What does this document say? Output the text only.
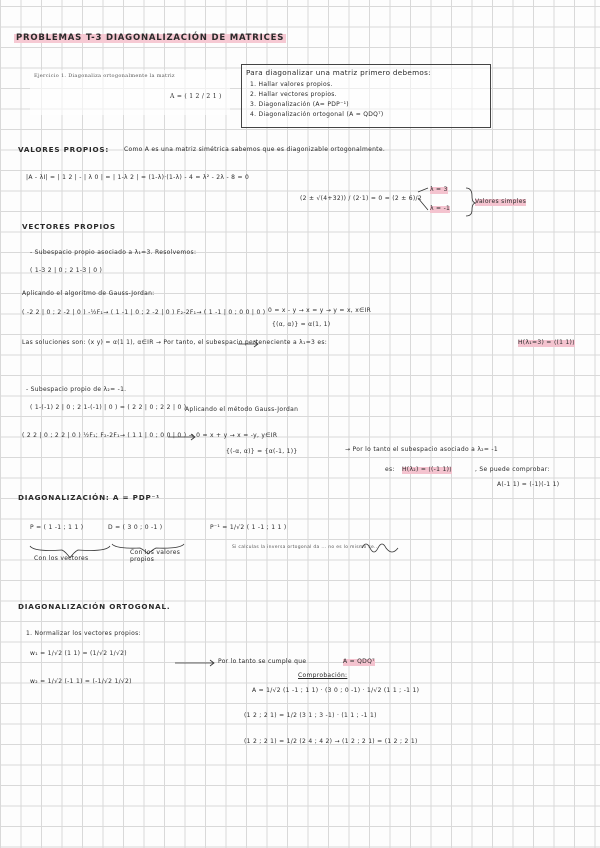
PROBLEMAS T-3 DIAGONALIZACIÓN DE MATRICES
Ejercicio 1. Diagonaliza ortogonalmente la matriz
A = ( 1 2 / 2 1 )
Para diagonalizar una matriz primero debemos:
1. Hallar valores propios.
2. Hallar vectores propios.
3. Diagonalización (A= PDP⁻¹)
4. Diagonalización ortogonal (A = QDQᵀ)
VALORES PROPIOS: Como A es una matriz simétrica sabemos que es diagonizable ortogonalmente.
|A - λI| = | 1 2 | - | λ 0 | = | 1-λ 2 | = (1-λ)·(1-λ) - 4 = λ² - 2λ - 8 = 0
(2 ± √(4+32)) / (2·1) = 0 = (2 ± 6)/2
λ = 3
λ = -1
Valores simples
VECTORES PROPIOS
- Subespacio propio asociado a λ₁=3. Resolvemos:
( 1-3 2 | 0 ; 2 1-3 | 0 )
Aplicando el algoritmo de Gauss-Jordan:
( -2 2 | 0 ; 2 -2 | 0 ) -½F₁→ ( 1 -1 | 0 ; 2 -2 | 0 ) F₂-2F₁→ ( 1 -1 | 0 ; 0 0 | 0 ) 0 = x - y → x = y → y = x, x∈IR
{(α, α)} = α(1, 1)
Las soluciones son: (x y) = α(1 1), α∈IR → Por tanto, el subespacio perteneciente a λ₁=3 es:	H(λ₁=3) = ⟨(1 1)⟩
- Subespacio propio de λ₂= -1.
( 1-(-1) 2 | 0 ; 2 1-(-1) | 0 ) = ( 2 2 | 0 ; 2 2 | 0 )
Aplicando el método Gauss-Jordan
( 2 2 | 0 ; 2 2 | 0 ) ½F₁; F₂-2F₁→ ( 1 1 | 0 ; 0 0 | 0 ) → 0 = x + y → x = -y, y∈IR
{(-α, α)} = {α(-1, 1)}	→ Por lo tanto el subespacio asociado a λ₂= -1
es: H(λ₂) = ⟨(-1 1)⟩	, Se puede comprobar:
A(-1 1) = (-1)(-1 1)
DIAGONALIZACIÓN: A = PDP⁻¹
P = ( 1 -1 ; 1 1 )	D = ( 3 0 ; 0 -1 )
Con los vectores
Con los valores propios
P⁻¹ = 1/√2 ( 1 -1 ; 1 1 )
Si calculas la inversa ortogonal da ... no es lo mismo se...
DIAGONALIZACIÓN ORTOGONAL.
1. Normalizar los vectores propios:
w₁ = 1/√2 (1 1) = (1/√2 1/√2)
w₂ = 1/√2 (-1 1) = (-1/√2 1/√2)
Por lo tanto se cumple que	A = QDQᵀ
Comprobación:
A = 1/√2 (1 -1 ; 1 1) · (3 0 ; 0 -1) · 1/√2 (1 1 ; -1 1)
(1 2 ; 2 1) = 1/2 (3 1 ; 3 -1) · (1 1 ; -1 1)
(1 2 ; 2 1) = 1/2 (2 4 ; 4 2) → (1 2 ; 2 1) = (1 2 ; 2 1)
